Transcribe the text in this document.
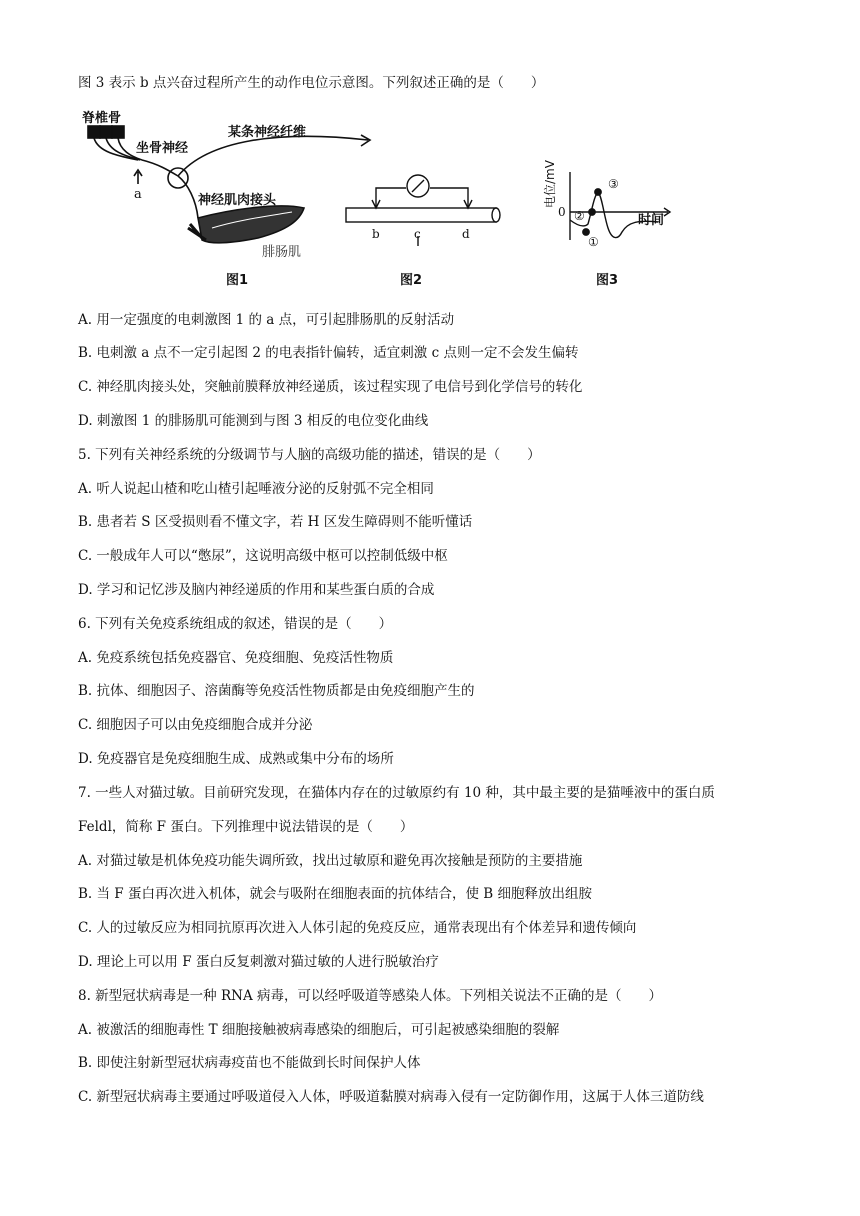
图 3 表示 b 点兴奋过程所产生的动作电位示意图。下列叙述正确的是（　　）
脊椎骨
坐骨神经
某条神经纤维
神经肌肉接头
腓肠肌
a
图1
b	c	d
图2
电位/mV
0
时间
①
②
③
图3
A. 用一定强度的电刺激图 1 的 a 点，可引起腓肠肌的反射活动
B. 电刺激 a 点不一定引起图 2 的电表指针偏转，适宜刺激 c 点则一定不会发生偏转
C. 神经肌肉接头处，突触前膜释放神经递质，该过程实现了电信号到化学信号的转化
D. 刺激图 1 的腓肠肌可能测到与图 3 相反的电位变化曲线
5. 下列有关神经系统的分级调节与人脑的高级功能的描述，错误的是（　　）
A. 听人说起山楂和吃山楂引起唾液分泌的反射弧不完全相同
B. 患者若 S 区受损则看不懂文字，若 H 区发生障碍则不能听懂话
C. 一般成年人可以“憋尿”，这说明高级中枢可以控制低级中枢
D. 学习和记忆涉及脑内神经递质的作用和某些蛋白质的合成
6. 下列有关免疫系统组成的叙述，错误的是（　　）
A. 免疫系统包括免疫器官、免疫细胞、免疫活性物质
B. 抗体、细胞因子、溶菌酶等免疫活性物质都是由免疫细胞产生的
C. 细胞因子可以由免疫细胞合成并分泌
D. 免疫器官是免疫细胞生成、成熟或集中分布的场所
7. 一些人对猫过敏。目前研究发现，在猫体内存在的过敏原约有 10 种，其中最主要的是猫唾液中的蛋白质
Feldl，简称 F 蛋白。下列推理中说法错误的是（　　）
A. 对猫过敏是机体免疫功能失调所致，找出过敏原和避免再次接触是预防的主要措施
B. 当 F 蛋白再次进入机体，就会与吸附在细胞表面的抗体结合，使 B 细胞释放出组胺
C. 人的过敏反应为相同抗原再次进入人体引起的免疫反应，通常表现出有个体差异和遗传倾向
D. 理论上可以用 F 蛋白反复刺激对猫过敏的人进行脱敏治疗
8. 新型冠状病毒是一种 RNA 病毒，可以经呼吸道等感染人体。下列相关说法不正确的是（　　）
A. 被激活的细胞毒性 T 细胞接触被病毒感染的细胞后，可引起被感染细胞的裂解
B. 即使注射新型冠状病毒疫苗也不能做到长时间保护人体
C. 新型冠状病毒主要通过呼吸道侵入人体，呼吸道黏膜对病毒入侵有一定防御作用，这属于人体三道防线
